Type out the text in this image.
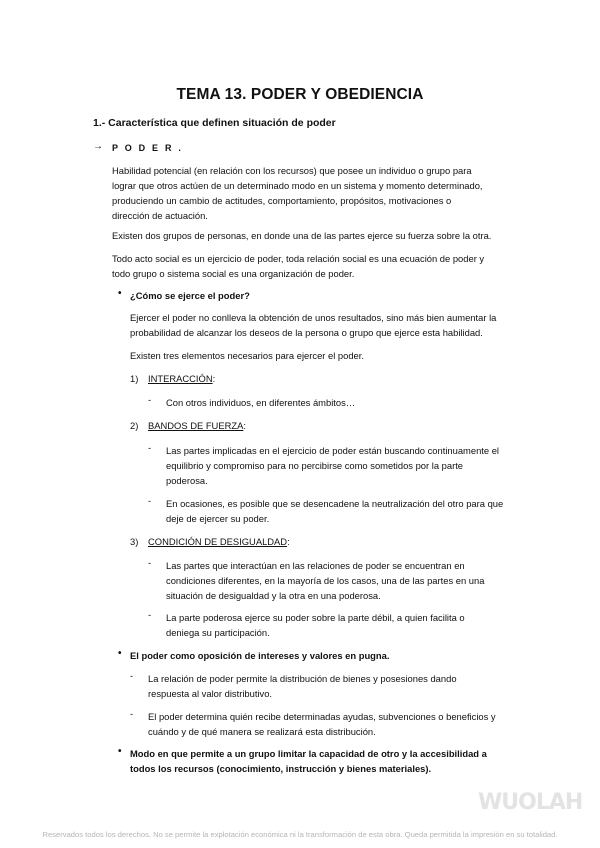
TEMA 13. PODER Y OBEDIENCIA
1.- Característica que definen situación de poder
→ P O D E R .
Habilidad potencial (en relación con los recursos) que posee un individuo o grupo para
lograr que otros actúen de un determinado modo en un sistema y momento determinado,
produciendo un cambio de actitudes, comportamiento, propósitos, motivaciones o
dirección de actuación.
Existen dos grupos de personas, en donde una de las partes ejerce su fuerza sobre la otra.
Todo acto social es un ejercicio de poder, toda relación social es una ecuación de poder y
todo grupo o sistema social es una organización de poder.
• ¿Cómo se ejerce el poder?
Ejercer el poder no conlleva la obtención de unos resultados, sino más bien aumentar la
probabilidad de alcanzar los deseos de la persona o grupo que ejerce esta habilidad.
Existen tres elementos necesarios para ejercer el poder.
1) INTERACCIÓN:
- Con otros individuos, en diferentes ámbitos…
2) BANDOS DE FUERZA:
- Las partes implicadas en el ejercicio de poder están buscando continuamente el
equilibrio y compromiso para no percibirse como sometidos por la parte
poderosa.
- En ocasiones, es posible que se desencadene la neutralización del otro para que
deje de ejercer su poder.
3) CONDICIÓN DE DESIGUALDAD:
- Las partes que interactúan en las relaciones de poder se encuentran en
condiciones diferentes, en la mayoría de los casos, una de las partes en una
situación de desigualdad y la otra en una poderosa.
- La parte poderosa ejerce su poder sobre la parte débil, a quien facilita o
deniega su participación.
• El poder como oposición de intereses y valores en pugna.
- La relación de poder permite la distribución de bienes y posesiones dando
respuesta al valor distributivo.
- El poder determina quién recibe determinadas ayudas, subvenciones o beneficios y
cuándo y de qué manera se realizará esta distribución.
• Modo en que permite a un grupo limitar la capacidad de otro y la accesibilidad a
todos los recursos (conocimiento, instrucción y bienes materiales).
WUOLAH
Reservados todos los derechos. No se permite la explotación económica ni la transformación de esta obra. Queda permitida la impresión en su totalidad.
